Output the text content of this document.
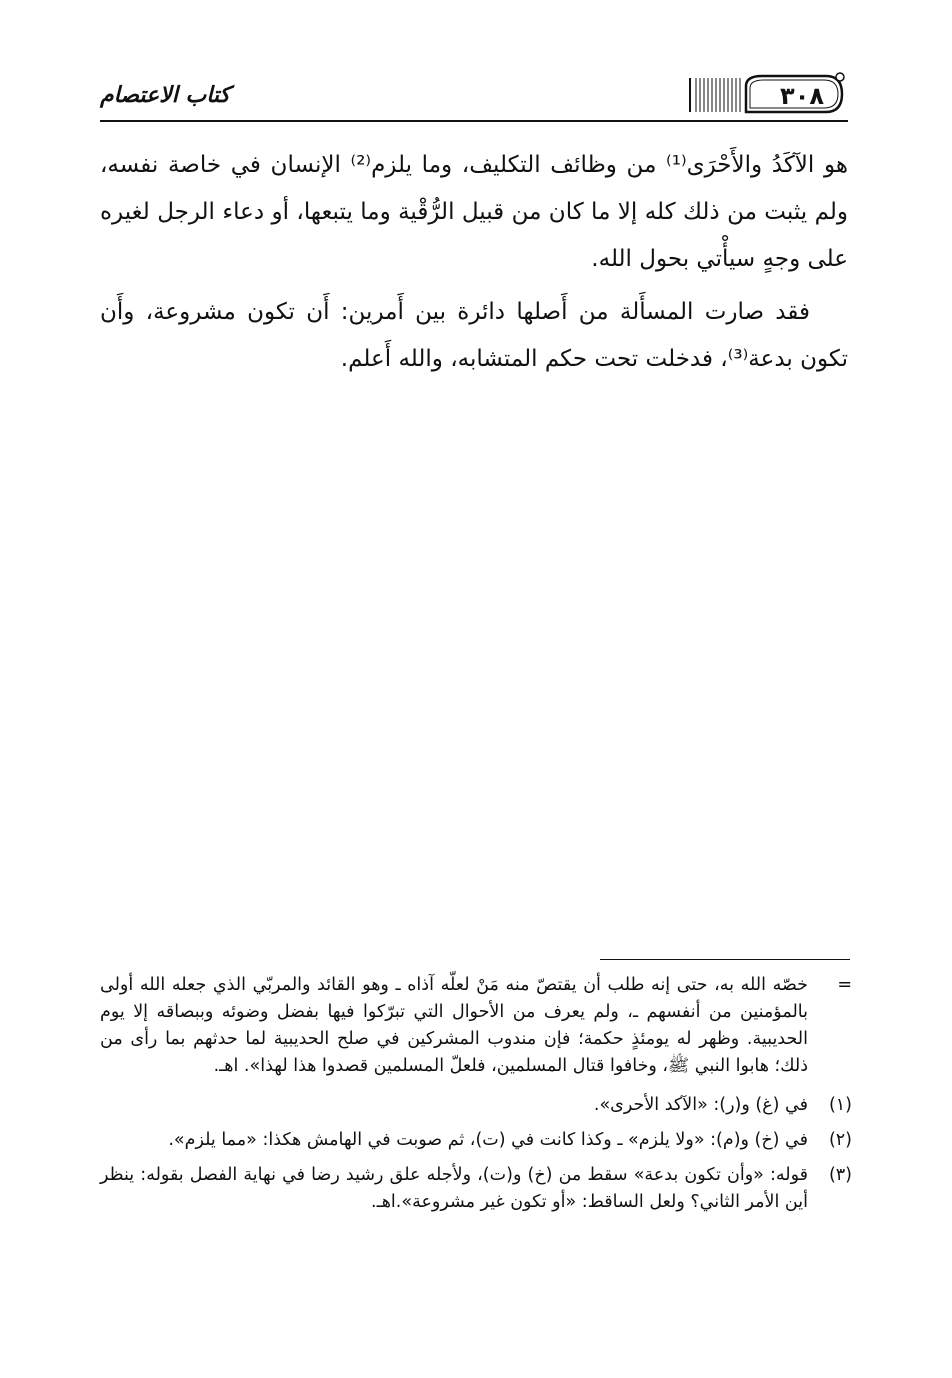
كتاب الاعتصام	٣٠٨

هو الآكَدُ والأَحْرَى⁽¹⁾ من وظائف التكليف، وما يلزم⁽²⁾ الإنسان في خاصة نفسه، ولم يثبت من ذلك كله إلا ما كان من قبيل الرُّقْية وما يتبعها، أو دعاء الرجل لغيره على وجهٍ سيأْتي بحول الله.

فقد صارت المسأَلة من أَصلها دائرة بين أَمرين: أَن تكون مشروعة، وأَن تكون بدعة⁽³⁾، فدخلت تحت حكم المتشابه، والله أَعلم.

=
خصّه الله به، حتى إنه طلب أن يقتصّ منه مَنْ لعلّه آذاه ـ وهو القائد والمربّي الذي جعله الله أولى بالمؤمنين من أنفسهم ـ، ولم يعرف من الأحوال التي تبرّكوا فيها بفضل وضوئه وببصاقه إلا يوم الحديبية. وظهر له يومئذٍ حكمة؛ فإن مندوب المشركين في صلح الحديبية لما حدثهم بما رأى من ذلك؛ هابوا النبي ﷺ، وخافوا قتال المسلمين، فلعلّ المسلمين قصدوا هذا لهذا». اهـ.
(١)
في (غ) و(ر): «الآكد الأحرى».
(٢)
في (خ) و(م): «ولا يلزم» ـ وكذا كانت في (ت)، ثم صوبت في الهامش هكذا: «مما يلزم».
(٣)
قوله: «وأن تكون بدعة» سقط من (خ) و(ت)، ولأجله علق رشيد رضا في نهاية الفصل بقوله: ينظر أين الأمر الثاني؟ ولعل الساقط: «أو تكون غير مشروعة».اهـ.
